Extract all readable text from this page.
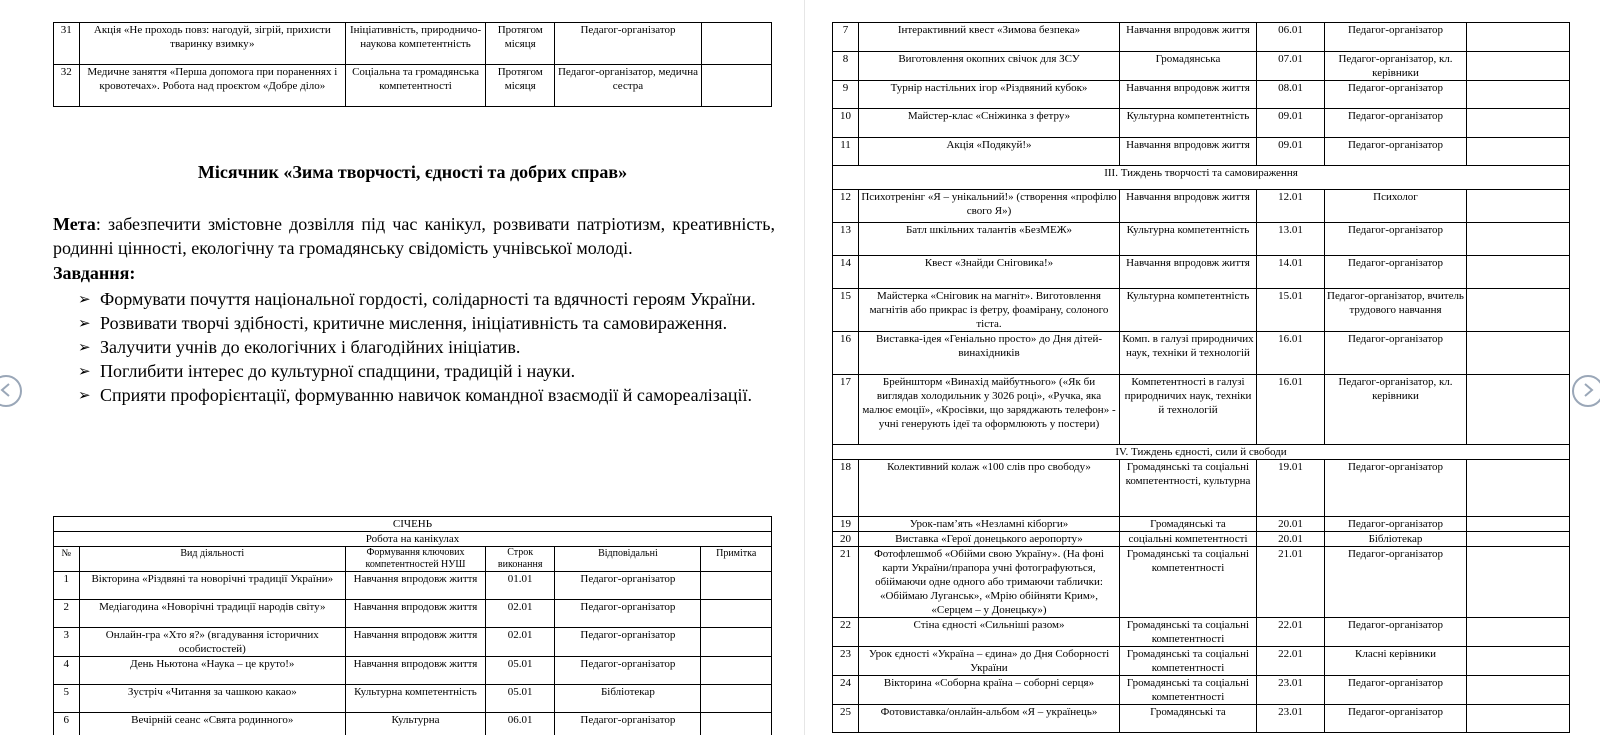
31	Акція «Не проходь повз: нагодуй, зігрій, прихисти тваринку взимку»	Ініціативність, природничо-наукова компетентність	Протягом місяця	Педагог-організатор	
32	Медичне заняття «Перша допомога при пораненнях і кровотечах». Робота над проєктом «Добре діло»	Соціальна та громадянська компетентності	Протягом місяця	Педагог-організатор, медична сестра	
Місячник «Зима творчості, єдності та добрих справ»
Мета: забезпечити змістовне дозвілля під час канікул, розвивати патріотизм, креативність, родинні цінності, екологічну та громадянську свідомість учнівської молоді.
Завдання:
➢ Формувати почуття національної гордості, солідарності та вдячності героям України.
➢ Розвивати творчі здібності, критичне мислення, ініціативність та самовираження.
➢ Залучити учнів до екологічних і благодійних ініціатив.
➢ Поглибити інтерес до культурної спадщини, традицій і науки.
➢ Сприяти профорієнтації, формуванню навичок командної взаємодії й самореалізації.
СІЧЕНЬ					
Робота на канікулах					
№	Вид діяльності	Формування ключових компетентностей НУШ	Строк виконання	Відповідальні	Примітка
1	Вікторина «Різдвяні та новорічні традиції України»	Навчання впродовж життя	01.01	Педагог-організатор	
2	Медіагодина «Новорічні традиції народів світу»	Навчання впродовж життя	02.01	Педагог-організатор	
3	Онлайн-гра «Хто я?» (вгадування історичних особистостей)	Навчання впродовж життя	02.01	Педагог-організатор	
4	День Ньютона «Наука – це круто!»	Навчання впродовж життя	05.01	Педагог-організатор	
5	Зустріч «Читання за чашкою какао»	Культурна компетентність	05.01	Бібліотекар	
6	Вечірній сеанс «Свята родинного»	Культурна	06.01	Педагог-організатор	
7	Інтерактивний квест «Зимова безпека»	Навчання впродовж життя	06.01	Педагог-організатор	
8	Виготовлення окопних свічок для ЗСУ	Громадянська	07.01	Педагог-організатор, кл. керівники	
9	Турнір настільних ігор «Різдвяний кубок»	Навчання впродовж життя	08.01	Педагог-організатор	
10	Майстер-клас «Сніжинка з фетру»	Культурна компетентність	09.01	Педагог-організатор	
11	Акція «Подякуй!»	Навчання впродовж життя	09.01	Педагог-організатор	
ІІІ. Тиждень творчості та самовираження					
12	Психотренінг «Я – унікальний!» (створення «профілю свого Я»)	Навчання впродовж життя	12.01	Психолог	
13	Батл шкільних талантів «БезМЕЖ»	Культурна компетентність	13.01	Педагог-організатор	
14	Квест «Знайди Сніговика!»	Навчання впродовж життя	14.01	Педагог-організатор	
15	Майстерка «Сніговик на магніт». Виготовлення магнітів або прикрас із фетру, фоамірану, солоного тіста.	Культурна компетентність	15.01	Педагог-організатор, вчитель трудового навчання	
16	Виставка-ідея «Геніально просто» до Дня дітей-винахідників	Комп. в галузі природничих наук, техніки й технологій	16.01	Педагог-організатор	
17	Брейншторм «Винахід майбутнього» («Як би виглядав холодильник у 3026 році», «Ручка, яка малює емоції», «Кросівки, що заряджають телефон» - учні генерують ідеї та оформлюють у постери)	Компетентності в галузі природничих наук, техніки й технологій	16.01	Педагог-організатор, кл. керівники	
IV. Тиждень єдності, сили й свободи					
18	Колективний колаж «100 слів про свободу»	Громадянські та соціальні компетентності, культурна	19.01	Педагог-організатор	
19	Урок-пам’ять «Незламні кіборги»	Громадянські та	20.01	Педагог-організатор	
20	Виставка «Герої донецького аеропорту»	соціальні компетентності	20.01	Бібліотекар	
21	Фотофлешмоб «Обійми свою Україну». (На фоні карти України/прапора учні фотографуються, обіймаючи одне одного або тримаючи таблички: «Обіймаю Луганськ», «Мрію обійняти Крим», «Серцем – у Донецьку»)	Громадянські та соціальні компетентності	21.01	Педагог-організатор	
22	Стіна єдності «Сильніші разом»	Громадянські та соціальні компетентності	22.01	Педагог-організатор	
23	Урок єдності «Україна – єдина» до Дня Соборності України	Громадянські та соціальні компетентності	22.01	Класні керівники	
24	Вікторина «Соборна країна – соборні серця»	Громадянські та соціальні компетентності	23.01	Педагог-організатор	
25	Фотовиставка/онлайн-альбом «Я – українець»	Громадянські та	23.01	Педагог-організатор	
